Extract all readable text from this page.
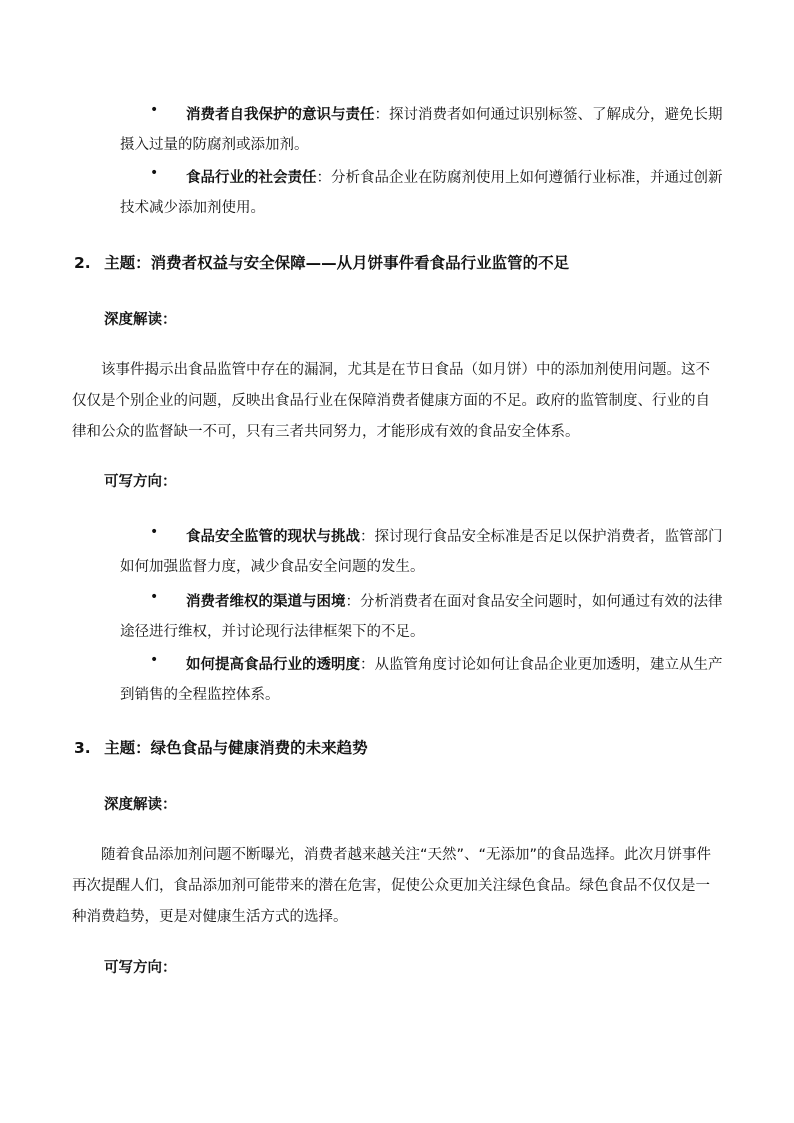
•	消费者自我保护的意识与责任：探讨消费者如何通过识别标签、了解成分，避免长期摄入过量的防腐剂或添加剂。
•	食品行业的社会责任：分析食品企业在防腐剂使用上如何遵循行业标准，并通过创新技术减少添加剂使用。
2. 主题：消费者权益与安全保障——从月饼事件看食品行业监管的不足
深度解读：
该事件揭示出食品监管中存在的漏洞，尤其是在节日食品（如月饼）中的添加剂使用问题。这不仅仅是个别企业的问题，反映出食品行业在保障消费者健康方面的不足。政府的监管制度、行业的自律和公众的监督缺一不可，只有三者共同努力，才能形成有效的食品安全体系。
可写方向：
•	食品安全监管的现状与挑战：探讨现行食品安全标准是否足以保护消费者，监管部门如何加强监督力度，减少食品安全问题的发生。
•	消费者维权的渠道与困境：分析消费者在面对食品安全问题时，如何通过有效的法律途径进行维权，并讨论现行法律框架下的不足。
•	如何提高食品行业的透明度：从监管角度讨论如何让食品企业更加透明，建立从生产到销售的全程监控体系。
3. 主题：绿色食品与健康消费的未来趋势
深度解读：
随着食品添加剂问题不断曝光，消费者越来越关注“天然”、“无添加”的食品选择。此次月饼事件再次提醒人们，食品添加剂可能带来的潜在危害，促使公众更加关注绿色食品。绿色食品不仅仅是一种消费趋势，更是对健康生活方式的选择。
可写方向：
